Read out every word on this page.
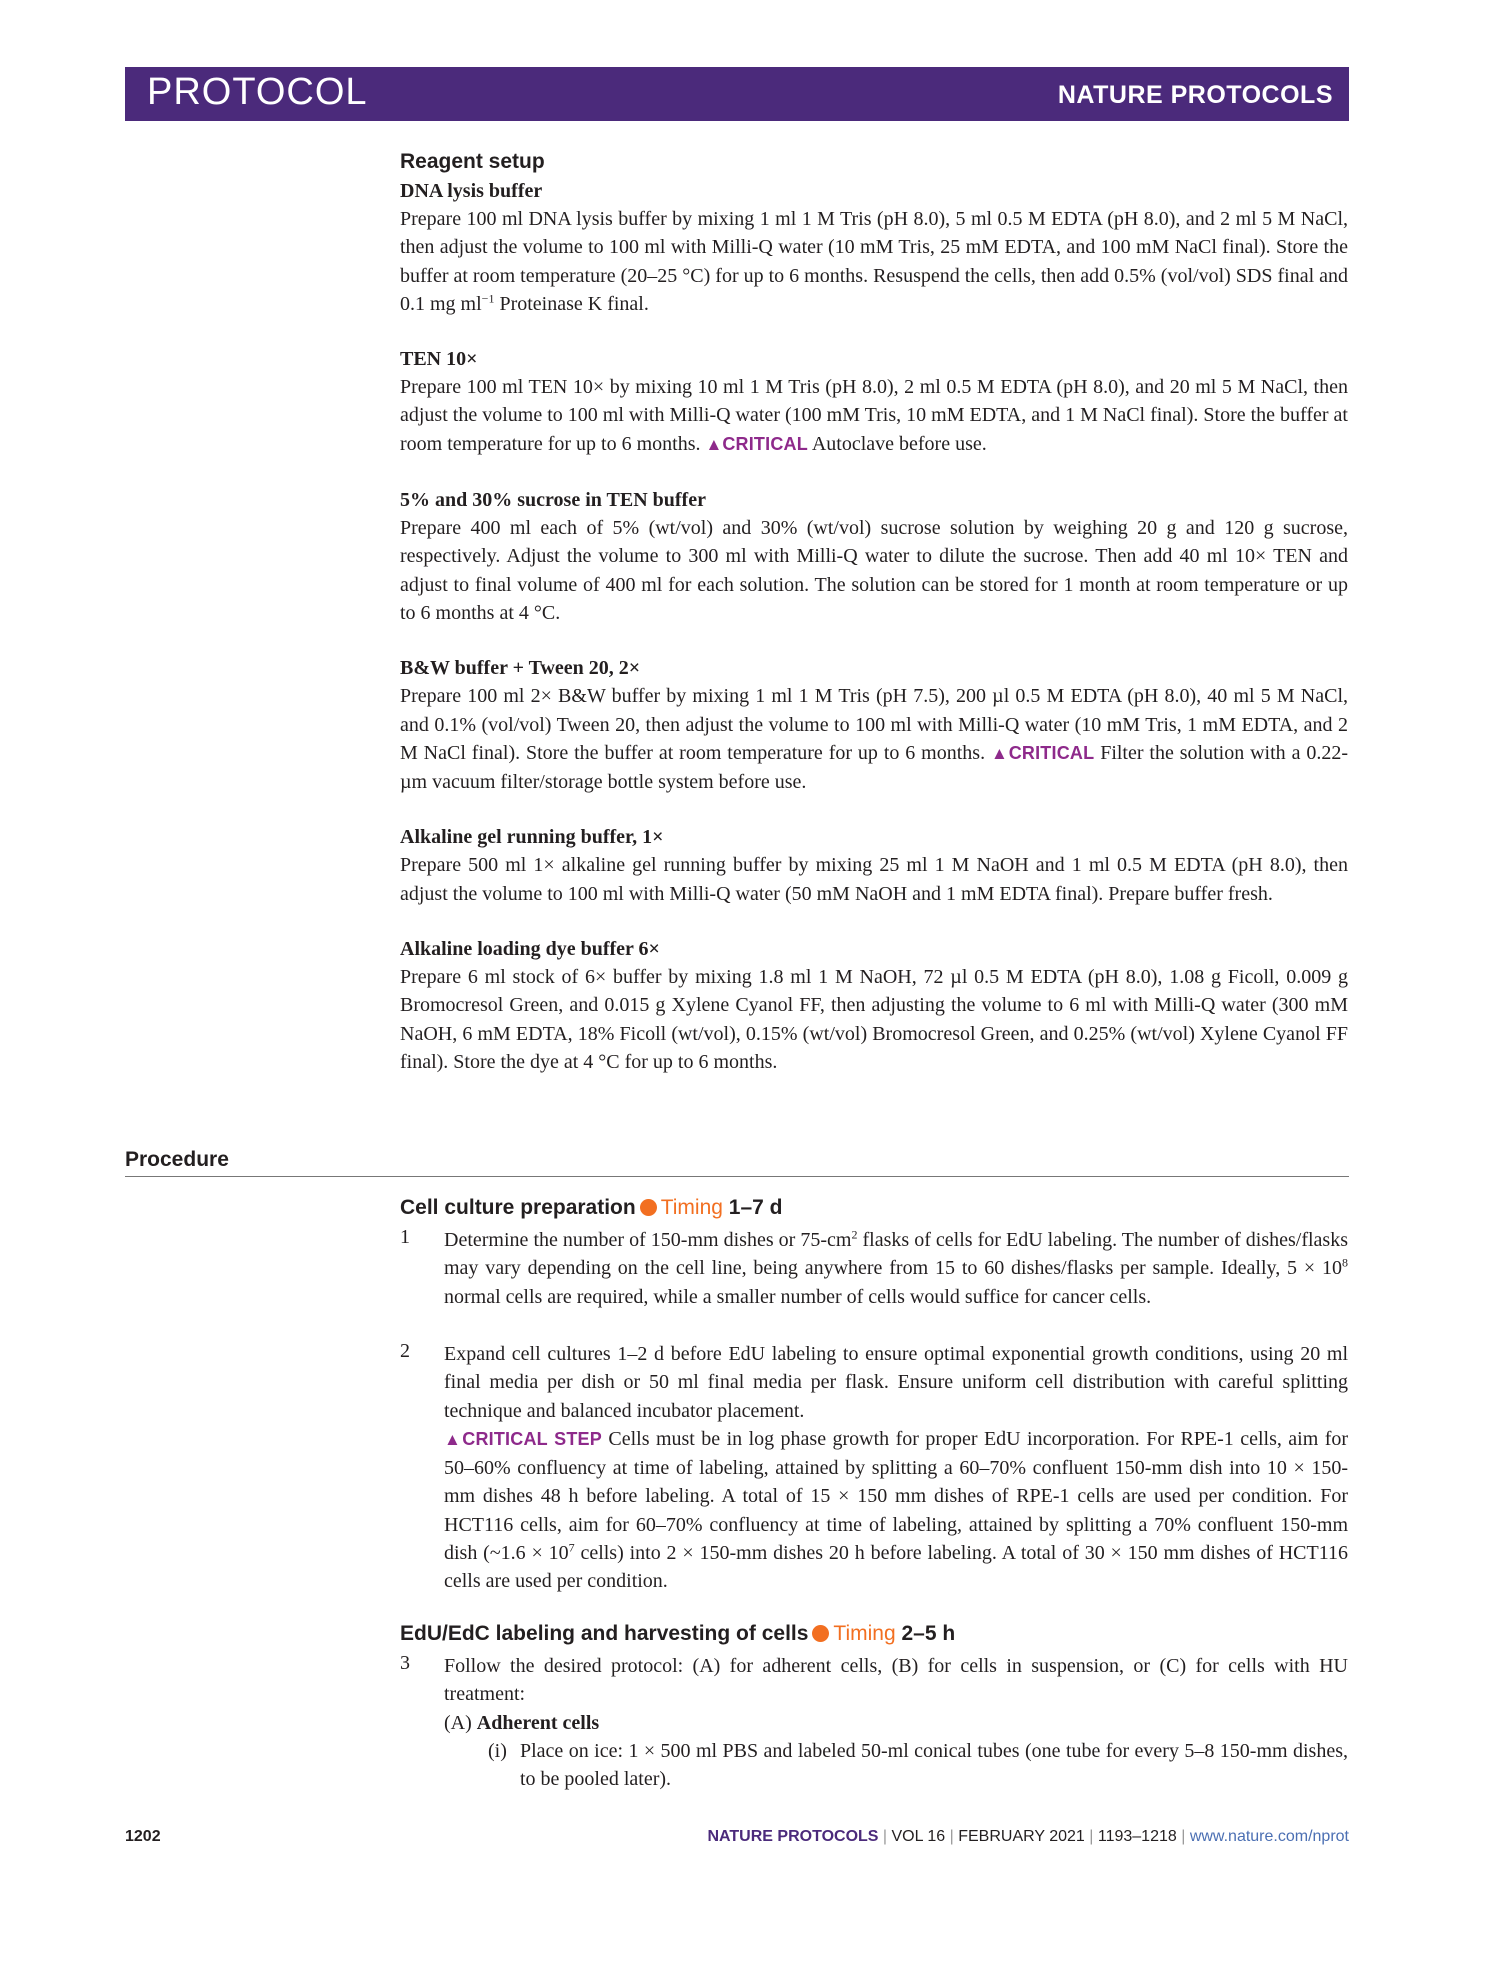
PROTOCOL	NATURE PROTOCOLS
Reagent setup
DNA lysis buffer

Prepare 100 ml DNA lysis buffer by mixing 1 ml 1 M Tris (pH 8.0), 5 ml 0.5 M EDTA (pH 8.0), and 2 ml 5 M NaCl, then adjust the volume to 100 ml with Milli-Q water (10 mM Tris, 25 mM EDTA, and 100 mM NaCl final). Store the buffer at room temperature (20–25 °C) for up to 6 months. Resuspend the cells, then add 0.5% (vol/vol) SDS final and 0.1 mg $ml^{-1}$ Proteinase K final.

TEN 10×

Prepare 100 ml TEN 10× by mixing 10 ml 1 M Tris (pH 8.0), 2 ml 0.5 M EDTA (pH 8.0), and 20 ml 5 M NaCl, then adjust the volume to 100 ml with Milli-Q water (100 mM Tris, 10 mM EDTA, and 1 M NaCl final). Store the buffer at room temperature for up to 6 months. ▲CRITICAL Autoclave before use.

5% and 30% sucrose in TEN buffer

Prepare 400 ml each of 5% (wt/vol) and 30% (wt/vol) sucrose solution by weighing 20 g and 120 g sucrose, respectively. Adjust the volume to 300 ml with Milli-Q water to dilute the sucrose. Then add 40 ml 10× TEN and adjust to final volume of 400 ml for each solution. The solution can be stored for 1 month at room temperature or up to 6 months at 4 °C.

B&W buffer + Tween 20, 2×

Prepare 100 ml 2× B&W buffer by mixing 1 ml 1 M Tris (pH 7.5), 200 µl 0.5 M EDTA (pH 8.0), 40 ml 5 M NaCl, and 0.1% (vol/vol) Tween 20, then adjust the volume to 100 ml with Milli-Q water (10 mM Tris, 1 mM EDTA, and 2 M NaCl final). Store the buffer at room temperature for up to 6 months. ▲CRITICAL Filter the solution with a 0.22-µm vacuum filter/storage bottle system before use.

Alkaline gel running buffer, 1×

Prepare 500 ml 1× alkaline gel running buffer by mixing 25 ml 1 M NaOH and 1 ml 0.5 M EDTA (pH 8.0), then adjust the volume to 100 ml with Milli-Q water (50 mM NaOH and 1 mM EDTA final). Prepare buffer fresh.

Alkaline loading dye buffer 6×

Prepare 6 ml stock of 6× buffer by mixing 1.8 ml 1 M NaOH, 72 µl 0.5 M EDTA (pH 8.0), 1.08 g Ficoll, 0.009 g Bromocresol Green, and 0.015 g Xylene Cyanol FF, then adjusting the volume to 6 ml with Milli-Q water (300 mM NaOH, 6 mM EDTA, 18% Ficoll (wt/vol), 0.15% (wt/vol) Bromocresol Green, and 0.25% (wt/vol) Xylene Cyanol FF final). Store the dye at 4 °C for up to 6 months.

Procedure
Cell culture preparation Timing 1–7 d
1 Determine the number of 150-mm dishes or $75-cm^2$ flasks of cells for EdU labeling. The number of dishes/flasks may vary depending on the cell line, being anywhere from 15 to 60 dishes/flasks per sample. Ideally, $5 \times 10^8$ normal cells are required, while a smaller number of cells would suffice for cancer cells.

2 Expand cell cultures 1–2 d before EdU labeling to ensure optimal exponential growth conditions, using 20 ml final media per dish or 50 ml final media per flask. Ensure uniform cell distribution with careful splitting technique and balanced incubator placement.

▲CRITICAL STEP Cells must be in log phase growth for proper EdU incorporation. For RPE-1 cells, aim for 50–60% confluency at time of labeling, attained by splitting a 60–70% confluent 150-mm dish into 10 × 150-mm dishes 48 h before labeling. A total of 15 × 150 mm dishes of RPE-1 cells are used per condition. For HCT116 cells, aim for 60–70% confluency at time of labeling, attained by splitting a 70% confluent 150-mm dish (~1.6 × $10^7$ cells) into 2 × 150-mm dishes 20 h before labeling. A total of 30 × 150 mm dishes of HCT116 cells are used per condition.

EdU/EdC labeling and harvesting of cells Timing 2–5 h
3 Follow the desired protocol: (A) for adherent cells, (B) for cells in suspension, or (C) for cells with HU treatment:

(A) Adherent cells
(i) Place on ice: 1 × 500 ml PBS and labeled 50-ml conical tubes (one tube for every 5–8 150-mm dishes, to be pooled later).

1202	NATURE PROTOCOLS | VOL 16 | FEBRUARY 2021 | 1193–1218 | www.nature.com/nprot
